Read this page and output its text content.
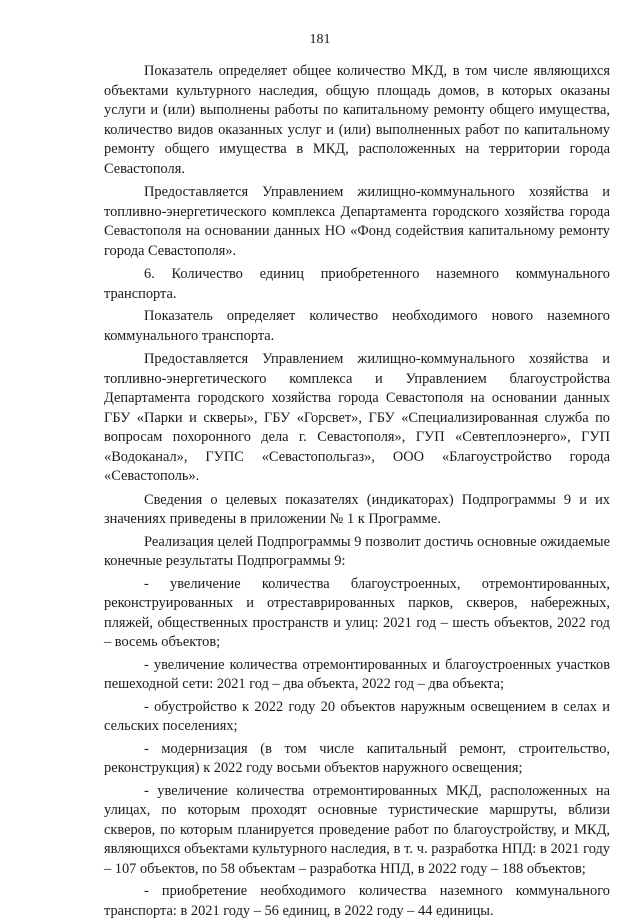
181

Показатель определяет общее количество МКД, в том числе являющихся объектами культурного наследия, общую площадь домов, в которых оказаны услуги и (или) выполнены работы по капитальному ремонту общего имущества, количество видов оказанных услуг и (или) выполненных работ по капитальному ремонту общего имущества в МКД, расположенных на территории города Севастополя.

Предоставляется Управлением жилищно-коммунального хозяйства и топливно-энергетического комплекса Департамента городского хозяйства города Севастополя на основании данных НО «Фонд содействия капитальному ремонту города Севастополя».

6. Количество единиц приобретенного наземного коммунального транспорта.

Показатель определяет количество необходимого нового наземного коммунального транспорта.

Предоставляется Управлением жилищно-коммунального хозяйства и топливно-энергетического комплекса и Управлением благоустройства Департамента городского хозяйства города Севастополя на основании данных ГБУ «Парки и скверы», ГБУ «Горсвет», ГБУ «Специализированная служба по вопросам похоронного дела г. Севастополя», ГУП «Севтеплоэнерго», ГУП «Водоканал», ГУПС «Севастопольгаз», ООО «Благоустройство города «Севастополь».

Сведения о целевых показателях (индикаторах) Подпрограммы 9 и их значениях приведены в приложении № 1 к Программе.

Реализация целей Подпрограммы 9 позволит достичь основные ожидаемые конечные результаты Подпрограммы 9:

- увеличение количества благоустроенных, отремонтированных, реконструированных и отреставрированных парков, скверов, набережных, пляжей, общественных пространств и улиц: 2021 год – шесть объектов, 2022 год – восемь объектов;

- увеличение количества отремонтированных и благоустроенных участков пешеходной сети: 2021 год – два объекта, 2022 год – два объекта;

- обустройство к 2022 году 20 объектов наружным освещением в селах и сельских поселениях;

- модернизация (в том числе капитальный ремонт, строительство, реконструкция) к 2022 году восьми объектов наружного освещения;

- увеличение количества отремонтированных МКД, расположенных на улицах, по которым проходят основные туристические маршруты, вблизи скверов, по которым планируется проведение работ по благоустройству, и МКД, являющихся объектами культурного наследия, в т. ч. разработка НПД: в 2021 году – 107 объектов, по 58 объектам – разработка НПД, в 2022 году – 188 объектов;

- приобретение необходимого количества наземного коммунального транспорта: в 2021 году – 56 единиц, в 2022 году – 44 единицы.
